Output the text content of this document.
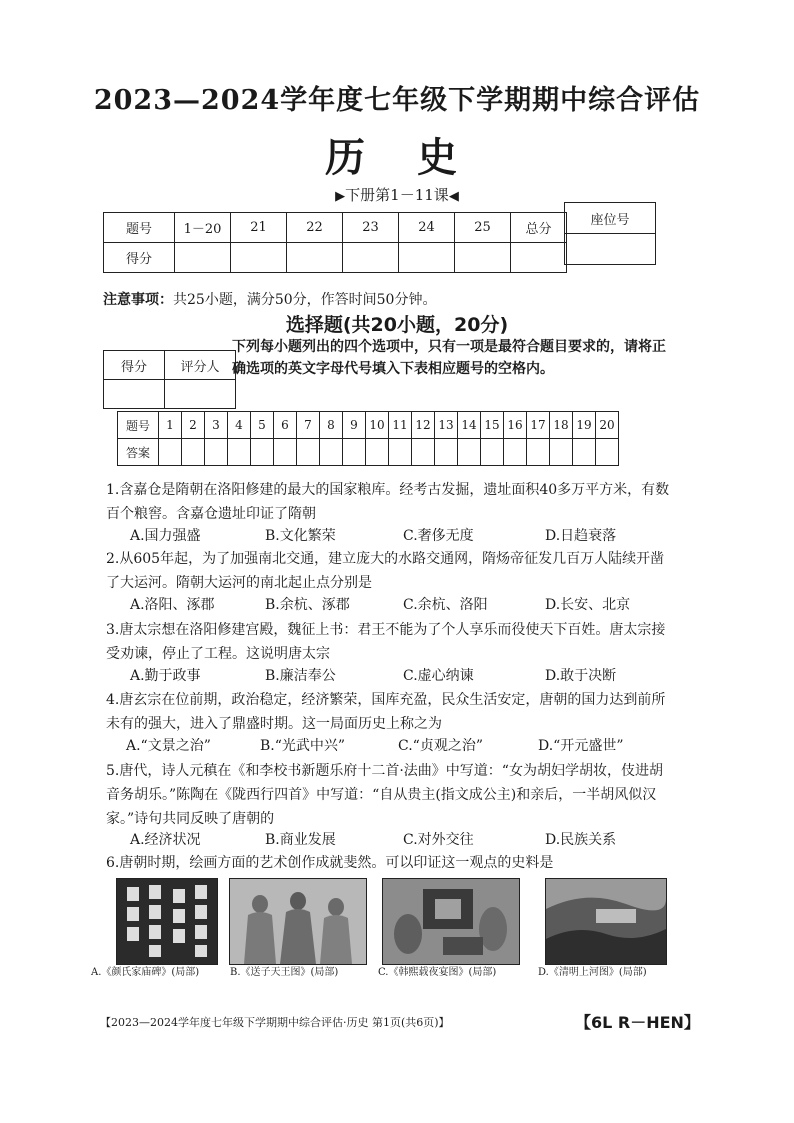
2023—2024学年度七年级下学期期中综合评估
历史
▶下册第1－11课◀
题号	1－20	21	22	23	24	25	总分
得分							
座位号

注意事项：共25小题，满分50分，作答时间50分钟。
选择题(共20小题，20分)
得分	评分人

下列每小题列出的四个选项中，只有一项是最符合题目要求的，请将正确选项的英文字母代号填入下表相应题号的空格内。
题号	1	2	3	4	5	6	7	8	9	10	11	12	13	14	15	16	17	18	19	20
答案																				
1.含嘉仓是隋朝在洛阳修建的最大的国家粮库。经考古发掘，遗址面积40多万平方米，有数百个粮窖。含嘉仓遗址印证了隋朝
A.国力强盛	B.文化繁荣	C.奢侈无度	D.日趋衰落
2.从605年起，为了加强南北交通，建立庞大的水路交通网，隋炀帝征发几百万人陆续开凿了大运河。隋朝大运河的南北起止点分别是
A.洛阳、涿郡	B.余杭、涿郡	C.余杭、洛阳	D.长安、北京
3.唐太宗想在洛阳修建宫殿，魏征上书：君王不能为了个人享乐而役使天下百姓。唐太宗接受劝谏，停止了工程。这说明唐太宗
A.勤于政事	B.廉洁奉公	C.虚心纳谏	D.敢于决断
4.唐玄宗在位前期，政治稳定，经济繁荣，国库充盈，民众生活安定，唐朝的国力达到前所未有的强大，进入了鼎盛时期。这一局面历史上称之为
A.“文景之治”	B.“光武中兴”	C.“贞观之治”	D.“开元盛世”
5.唐代，诗人元稹在《和李校书新题乐府十二首·法曲》中写道：“女为胡妇学胡妆，伎进胡音务胡乐。”陈陶在《陇西行四首》中写道：“自从贵主(指文成公主)和亲后，一半胡风似汉家。”诗句共同反映了唐朝的
A.经济状况	B.商业发展	C.对外交往	D.民族关系
6.唐朝时期，绘画方面的艺术创作成就斐然。可以印证这一观点的史料是
A.《颜氏家庙碑》(局部)	B.《送子天王图》(局部)	C.《韩熙载夜宴图》(局部)	D.《清明上河图》(局部)
【2023—2024学年度七年级下学期期中综合评估·历史 第1页(共6页)】	【6L R－HEN】
